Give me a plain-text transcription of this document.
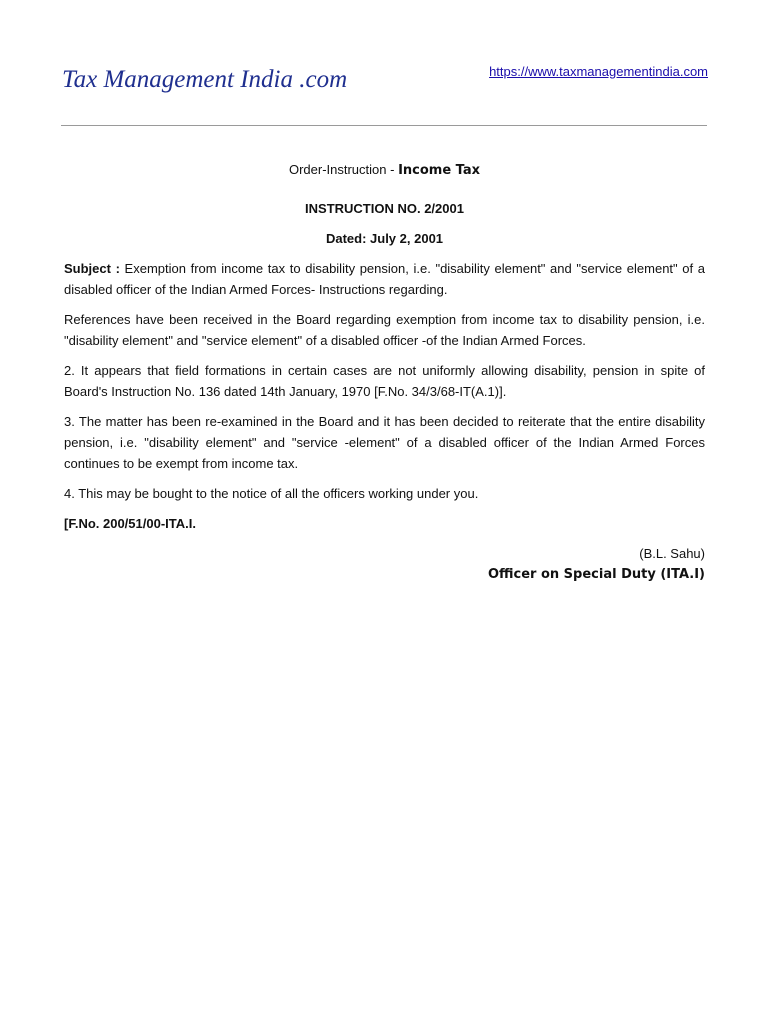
Tax Management India .com	https://www.taxmanagementindia.com

Order-Instruction - Income Tax

INSTRUCTION NO. 2/2001

Dated: July 2, 2001

Subject : Exemption from income tax to disability pension, i.e. "disability element" and "service element" of a disabled officer of the Indian Armed Forces- Instructions regarding.

References have been received in the Board regarding exemption from income tax to disability pension, i.e. "disability element" and "service element" of a disabled officer -of the Indian Armed Forces.

2. It appears that field formations in certain cases are not uniformly allowing disability, pension in spite of Board's Instruction No. 136 dated 14th January, 1970 [F.No. 34/3/68-IT(A.1)].

3. The matter has been re-examined in the Board and it has been decided to reiterate that the entire disability pension, i.e. "disability element" and "service -element" of a disabled officer of the Indian Armed Forces continues to be exempt from income tax.

4. This may be bought to the notice of all the officers working under you.

[F.No. 200/51/00-ITA.I.

(B.L. Sahu)

Officer on Special Duty (ITA.I)
